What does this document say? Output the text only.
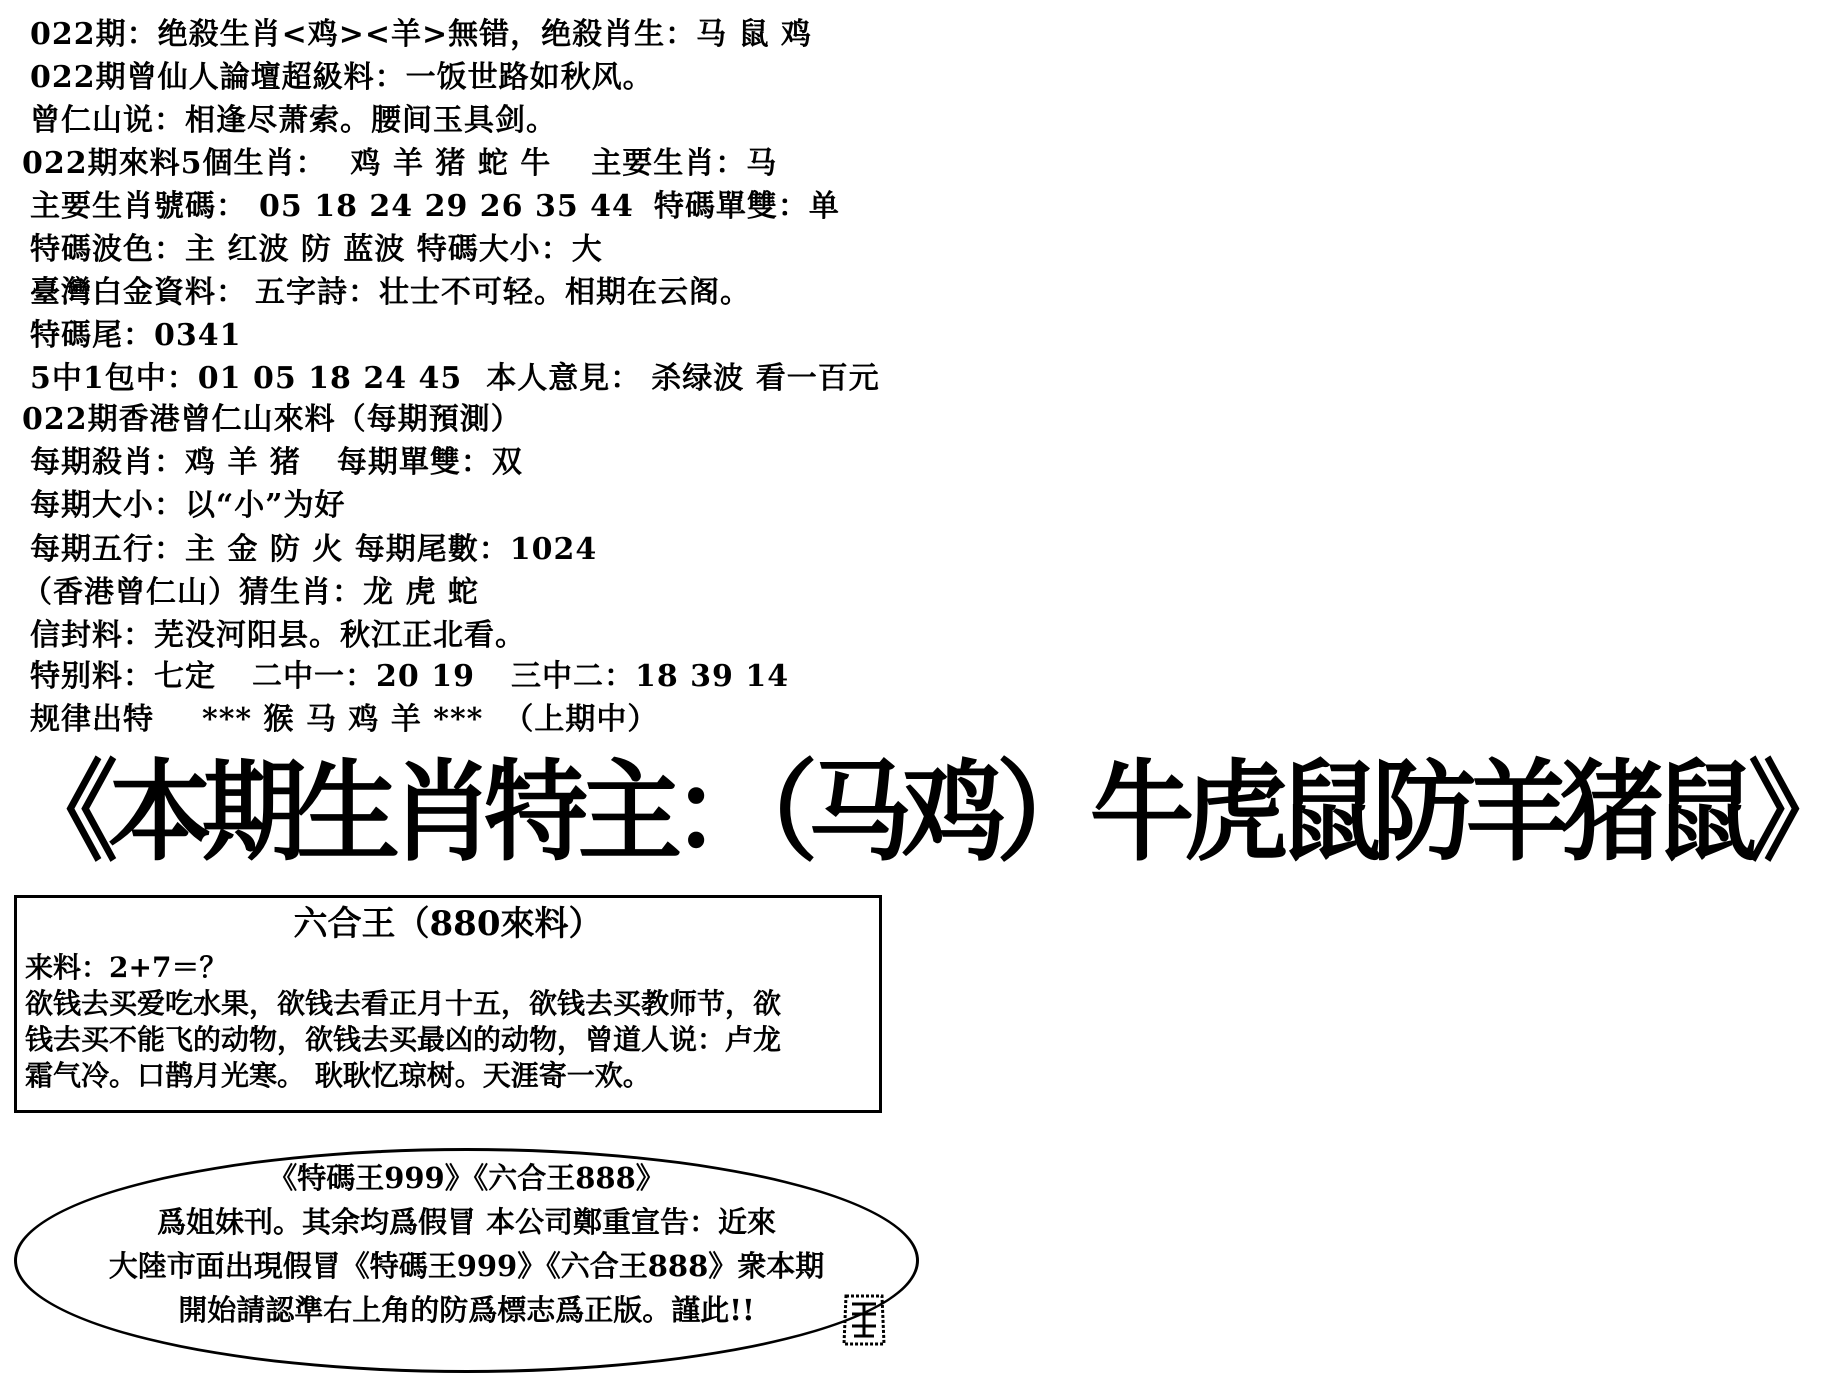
022期：绝殺生肖<鸡><羊>無错，绝殺肖生：马 鼠 鸡
022期曾仙人論壇超級料：一饭世路如秋风。
曾仁山说：相逢尽萧索。腰间玉具剑。
022期來料5個生肖： 鸡 羊 猪 蛇 牛 主要生肖：马
主要生肖號碼： 05 18 24 29 26 35 44 特碼單雙：单
特碼波色：主 红波 防 蓝波 特碼大小：大
臺灣白金資料： 五字詩：壮士不可轻。相期在云阁。
特碼尾：0341
5中1包中：01 05 18 24 45 本人意見： 杀绿波 看一百元
022期香港曾仁山來料（每期預測）
每期殺肖：鸡 羊 猪 每期單雙：双
每期大小：以“小”为好
每期五行：主 金 防 火 每期尾數：1024
（香港曾仁山）猜生肖：龙 虎 蛇
信封料：芜没河阳县。秋江正北看。
特别料：七定 二中一：20 19 三中二：18 39 14
规律出特 *** 猴 马 鸡 羊 *** （上期中）
《本期生肖特主：（马鸡）牛虎鼠防羊猪鼠》
六合王（880來料）
来料：2+7＝？
欲钱去买爱吃水果，欲钱去看正月十五，欲钱去买教师节，欲
钱去买不能飞的动物，欲钱去买最凶的动物，曾道人说：卢龙
霜气冷。口鹊月光寒。 耿耿忆琼树。天涯寄一欢。
《特碼王999》《六合王888》
爲姐妹刊。其余均爲假冒 本公司鄭重宣告：近來
大陸市面出現假冒《特碼王999》《六合王888》衆本期
開始請認準右上角的防爲標志爲正版。謹此!!
